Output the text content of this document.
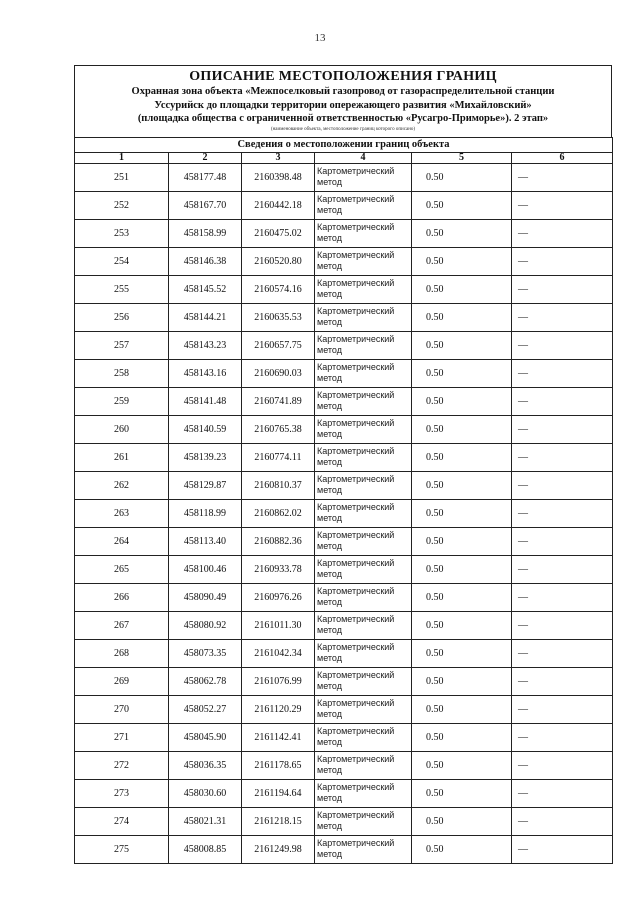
13
ОПИСАНИЕ МЕСТОПОЛОЖЕНИЯ ГРАНИЦ
Охранная зона объекта «Межпоселковый газопровод от газораспределительной станции
Уссурийск до площадки территории опережающего развития «Михайловский»
(площадка общества с ограниченной ответственностью «Русагро-Приморье»). 2 этап»
(наименование объекта, местоположение границ которого описано)
Сведения о местоположении границ объекта					
1	2	3	4	5	6
251	458177.48	2160398.48	Картометрический метод	0.50	—
252	458167.70	2160442.18	Картометрический метод	0.50	—
253	458158.99	2160475.02	Картометрический метод	0.50	—
254	458146.38	2160520.80	Картометрический метод	0.50	—
255	458145.52	2160574.16	Картометрический метод	0.50	—
256	458144.21	2160635.53	Картометрический метод	0.50	—
257	458143.23	2160657.75	Картометрический метод	0.50	—
258	458143.16	2160690.03	Картометрический метод	0.50	—
259	458141.48	2160741.89	Картометрический метод	0.50	—
260	458140.59	2160765.38	Картометрический метод	0.50	—
261	458139.23	2160774.11	Картометрический метод	0.50	—
262	458129.87	2160810.37	Картометрический метод	0.50	—
263	458118.99	2160862.02	Картометрический метод	0.50	—
264	458113.40	2160882.36	Картометрический метод	0.50	—
265	458100.46	2160933.78	Картометрический метод	0.50	—
266	458090.49	2160976.26	Картометрический метод	0.50	—
267	458080.92	2161011.30	Картометрический метод	0.50	—
268	458073.35	2161042.34	Картометрический метод	0.50	—
269	458062.78	2161076.99	Картометрический метод	0.50	—
270	458052.27	2161120.29	Картометрический метод	0.50	—
271	458045.90	2161142.41	Картометрический метод	0.50	—
272	458036.35	2161178.65	Картометрический метод	0.50	—
273	458030.60	2161194.64	Картометрический метод	0.50	—
274	458021.31	2161218.15	Картометрический метод	0.50	—
275	458008.85	2161249.98	Картометрический метод	0.50	—
